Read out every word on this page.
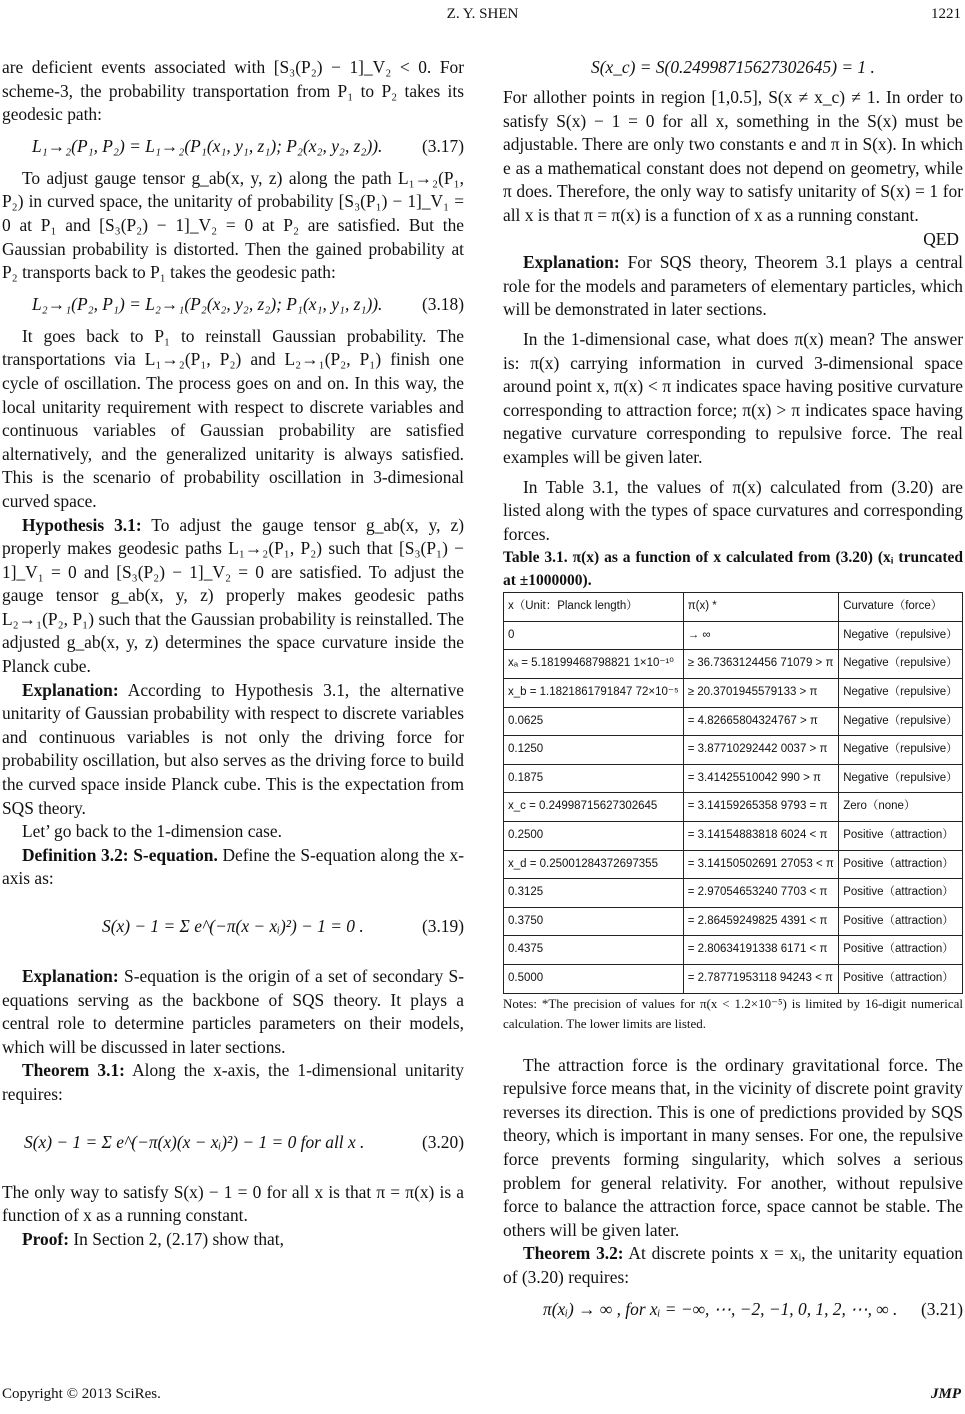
Z. Y. SHEN	1221

are deficient events associated with [S₃(P₂) − 1]_V₂ < 0. For scheme-3, the probability transportation from P₁ to P₂ takes its geodesic path:

L₁→₂(P₁, P₂) = L₁→₂(P₁(x₁, y₁, z₁); P₂(x₂, y₂, z₂)). (3.17)

To adjust gauge tensor g_ab(x, y, z) along the path L₁→₂(P₁, P₂) in curved space, the unitarity of probability [S₃(P₁) − 1]_V₁ = 0 at P₁ and [S₃(P₂) − 1]_V₂ = 0 at P₂ are satisfied. But the Gaussian probability is distorted. Then the gained probability at P₂ transports back to P₁ takes the geodesic path:

L₂→₁(P₂, P₁) = L₂→₁(P₂(x₂, y₂, z₂); P₁(x₁, y₁, z₁)). (3.18)

It goes back to P₁ to reinstall Gaussian probability. The transportations via L₁→₂(P₁, P₂) and L₂→₁(P₂, P₁) finish one cycle of oscillation. The process goes on and on. In this way, the local unitarity requirement with respect to discrete variables and continuous variables of Gaussian probability are satisfied alternatively, and the generalized unitarity is always satisfied. This is the scenario of probability oscillation in 3-dimesional curved space.

Hypothesis 3.1: To adjust the gauge tensor g_ab(x, y, z) properly makes geodesic paths L₁→₂(P₁, P₂) such that [S₃(P₁) − 1]_V₁ = 0 and [S₃(P₂) − 1]_V₂ = 0 are satisfied. To adjust the gauge tensor g_ab(x, y, z) properly makes geodesic paths L₂→₁(P₂, P₁) such that the Gaussian probability is reinstalled. The adjusted g_ab(x, y, z) determines the space curvature inside the Planck cube.

Explanation: According to Hypothesis 3.1, the alternative unitarity of Gaussian probability with respect to discrete variables and continuous variables is not only the driving force for probability oscillation, but also serves as the driving force to build the curved space inside Planck cube. This is the expectation from SQS theory.

Let’ go back to the 1-dimension case.

Definition 3.2: S-equation. Define the S-equation along the x-axis as:

S(x) − 1 = Σ e^(−π(x − xᵢ)²) − 1 = 0 .	(3.19)

Explanation: S-equation is the origin of a set of secondary S-equations serving as the backbone of SQS theory. It plays a central role to determine particles parameters on their models, which will be discussed in later sections.

Theorem 3.1: Along the x-axis, the 1-dimensional unitarity requires:

S(x) − 1 = Σ e^(−π(x)(x − xᵢ)²) − 1 = 0 for all x .	(3.20)

The only way to satisfy S(x) − 1 = 0 for all x is that π = π(x) is a function of x as a running constant.

Proof: In Section 2, (2.17) show that,

S(x_c) = S(0.24998715627302645) = 1 .

For allother points in region [1,0.5], S(x ≠ x_c) ≠ 1. In order to satisfy S(x) − 1 = 0 for all x, something in the S(x) must be adjustable. There are only two constants e and π in S(x). In which e as a mathematical constant does not depend on geometry, while π does. Therefore, the only way to satisfy unitarity of S(x) = 1 for all x is that π = π(x) is a function of x as a running constant.

QED

Explanation: For SQS theory, Theorem 3.1 plays a central role for the models and parameters of elementary particles, which will be demonstrated in later sections.

In the 1-dimensional case, what does π(x) mean? The answer is: π(x) carrying information in curved 3-dimensional space around point x, π(x) < π indicates space having positive curvature corresponding to attraction force; π(x) > π indicates space having negative curvature corresponding to repulsive force. The real examples will be given later.

In Table 3.1, the values of π(x) calculated from (3.20) are listed along with the types of space curvatures and corresponding forces.

Table 3.1. π(x) as a function of x calculated from (3.20) (xᵢ truncated at ±1000000).

x（Unit：Planck length）	π(x) *	Curvature（force）
0	→ ∞	Negative（repulsive）
xₐ = 5.18199468798821 1×10⁻¹⁰	≥ 36.7363124456 71079 > π	Negative（repulsive）
x_b = 1.1821861791847 72×10⁻⁵	≥ 20.3701945579133 > π	Negative（repulsive）
0.0625	= 4.82665804324767 > π	Negative（repulsive）
0.1250	= 3.87710292442 0037 > π	Negative（repulsive）
0.1875	= 3.41425510042 990 > π	Negative（repulsive）
x_c = 0.24998715627302645	= 3.14159265358 9793 = π	Zero（none）
0.2500	= 3.14154883818 6024 < π	Positive（attraction）
x_d = 0.25001284372697355	= 3.14150502691 27053 < π	Positive（attraction）
0.3125	= 2.97054653240 7703 < π	Positive（attraction）
0.3750	= 2.86459249825 4391 < π	Positive（attraction）
0.4375	= 2.80634191338 6171 < π	Positive（attraction）
0.5000	= 2.78771953118 94243 < π	Positive（attraction）

Notes: *The precision of values for π(x < 1.2×10⁻⁵) is limited by 16-digit numerical calculation. The lower limits are listed.

The attraction force is the ordinary gravitational force. The repulsive force means that, in the vicinity of discrete point gravity reverses its direction. This is one of predictions provided by SQS theory, which is important in many senses. For one, the repulsive force prevents forming singularity, which solves a serious problem for general relativity. For another, without repulsive force to balance the attraction force, space cannot be stable. The others will be given later.

Theorem 3.2: At discrete points x = xᵢ, the unitarity equation of (3.20) requires:

π(xᵢ) → ∞ , for xᵢ = −∞, ⋯, −2, −1, 0, 1, 2, ⋯, ∞ . (3.21)
Copyright © 2013 SciRes.	JMP
